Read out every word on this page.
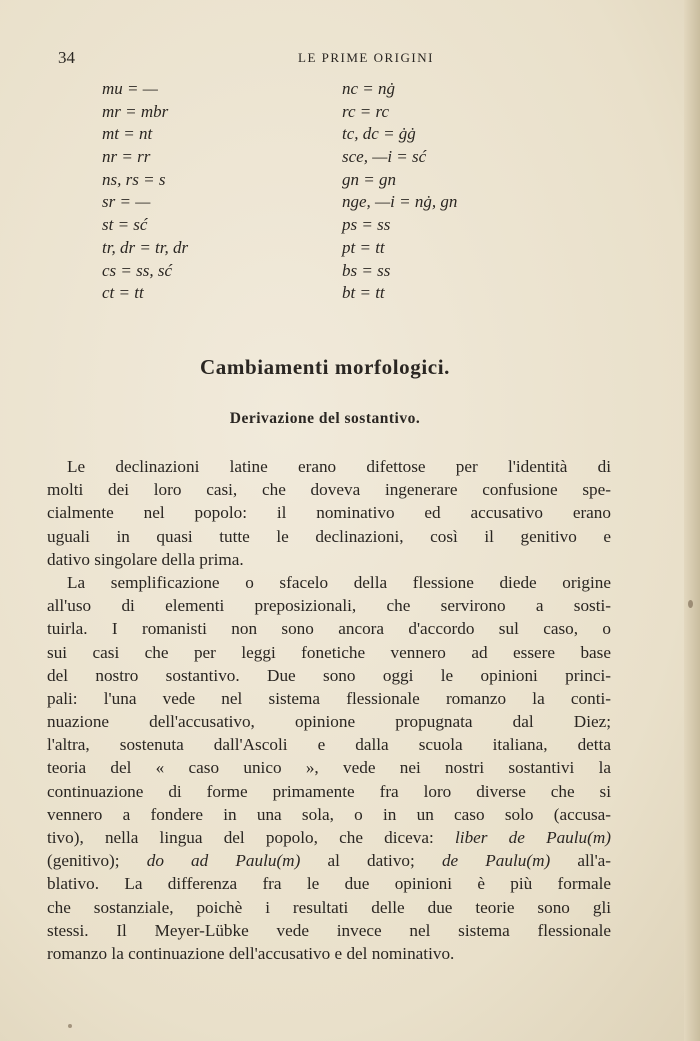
34	LE PRIME ORIGINI
mu = —
mr = mbr
mt = nt
nr = rr
ns, rs = s
sr = —
st = sć
tr, dr = tr, dr
cs = ss, sć
ct = tt
nc = nġ
rc = rc
tc, dc = ġġ
sce, —i = sć
gn = gn
nge, —i = nġ, gn
ps = ss
pt = tt
bs = ss
bt = tt
Cambiamenti morfologici.
Derivazione del sostantivo.
Le declinazioni latine erano difettose per l'identità di
molti dei loro casi, che doveva ingenerare confusione spe-
cialmente nel popolo: il nominativo ed accusativo erano
uguali in quasi tutte le declinazioni, così il genitivo e
dativo singolare della prima.
La semplificazione o sfacelo della flessione diede origine
all'uso di elementi preposizionali, che servirono a sosti-
tuirla. I romanisti non sono ancora d'accordo sul caso, o
sui casi che per leggi fonetiche vennero ad essere base
del nostro sostantivo. Due sono oggi le opinioni princi-
pali: l'una vede nel sistema flessionale romanzo la conti-
nuazione dell'accusativo, opinione propugnata dal Diez;
l'altra, sostenuta dall'Ascoli e dalla scuola italiana, detta
teoria del « caso unico », vede nei nostri sostantivi la
continuazione di forme primamente fra loro diverse che si
vennero a fondere in una sola, o in un caso solo (accusa-
tivo), nella lingua del popolo, che diceva: liber de Paulu(m)
(genitivo); do ad Paulu(m) al dativo; de Paulu(m) all'a-
blativo. La differenza fra le due opinioni è più formale
che sostanziale, poichè i resultati delle due teorie sono gli
stessi. Il Meyer-Lübke vede invece nel sistema flessionale
romanzo la continuazione dell'accusativo e del nominativo.
